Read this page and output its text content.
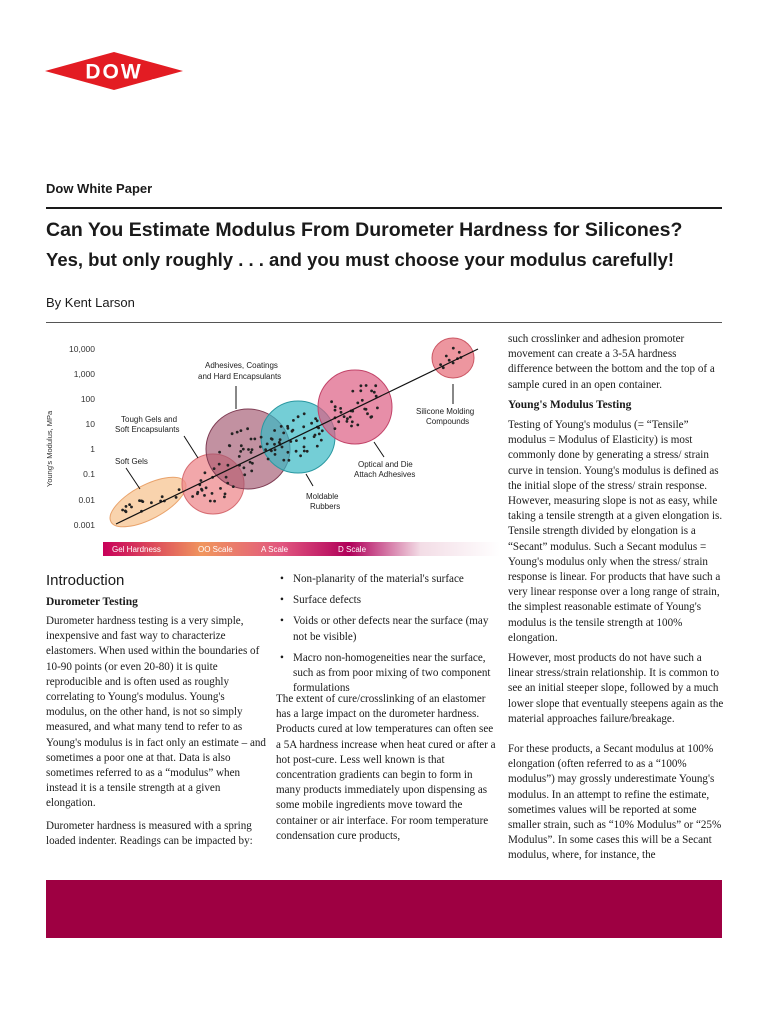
DOW ®
Dow White Paper
Can You Estimate Modulus From Durometer Hardness for Silicones?
Yes, but only roughly . . . and you must choose your modulus carefully!
By Kent Larson
Young's Modulus, MPa
10,000
1,000
100
10
1
0.1
0.01
0.001
Soft Gels
Tough Gels and
Soft Encapsulants
Adhesives, Coatings
and Hard Encapsulants
Moldable
Rubbers
Optical and Die
Attach Adhesives
Silicone Molding
Compounds
Gel Hardness	OO Scale	A Scale	D Scale
Introduction
Durometer Testing

Durometer hardness testing is a very simple, inexpensive and fast way to characterize elastomers. When used within the boundaries of 10-90 points (or even 20-80) it is quite reproducible and is often used as roughly correlating to Young's modulus. Young's modulus, on the other hand, is not so simply measured, and what many tend to refer to as Young's modulus is in fact only an estimate – and sometimes a poor one at that. Data is also sometimes referred to as a “modulus” when instead it is a tensile strength at a given elongation.

Durometer hardness is measured with a spring loaded indenter. Readings can be impacted by:

• Non-planarity of the material's surface
• Surface defects
• Voids or other defects near the surface (may not be visible)
• Macro non-homogeneities near the surface, such as from poor mixing of two component formulations

The extent of cure/crosslinking of an elastomer has a large impact on the durometer hardness. Products cured at low temperatures can often see a 5A hardness increase when heat cured or after a hot post-cure. Less well known is that concentration gradients can begin to form in many products immediately upon dispensing as some mobile ingredients move toward the container or air interface. For room temperature condensation cure products,

such crosslinker and adhesion promoter movement can create a 3-5A hardness difference between the bottom and the top of a sample cured in an open container.

Young's Modulus Testing

Testing of Young's modulus (= “Tensile” modulus = Modulus of Elasticity) is most commonly done by generating a stress/ strain curve in tension. Young's modulus is defined as the initial slope of the stress/ strain response. However, measuring slope is not as easy, while taking a tensile strength at a given elongation is. Tensile strength divided by elongation is a “Secant” modulus. Such a Secant modulus = Young's modulus only when the stress/ strain response is linear. For products that have such a very linear response over a long range of strain, the simplest reasonable estimate of Young's modulus is the tensile strength at 100% elongation.

However, most products do not have such a linear stress/strain relationship. It is common to see an initial steeper slope, followed by a much lower slope that eventually steepens again as the material approaches failure/breakage.

For these products, a Secant modulus at 100% elongation (often referred to as a “100% modulus”) may grossly underestimate Young's modulus. In an attempt to refine the estimate, sometimes values will be reported at some smaller strain, such as “10% Modulus” or “25% Modulus”. In some cases this will be a Secant modulus, where, for instance, the
